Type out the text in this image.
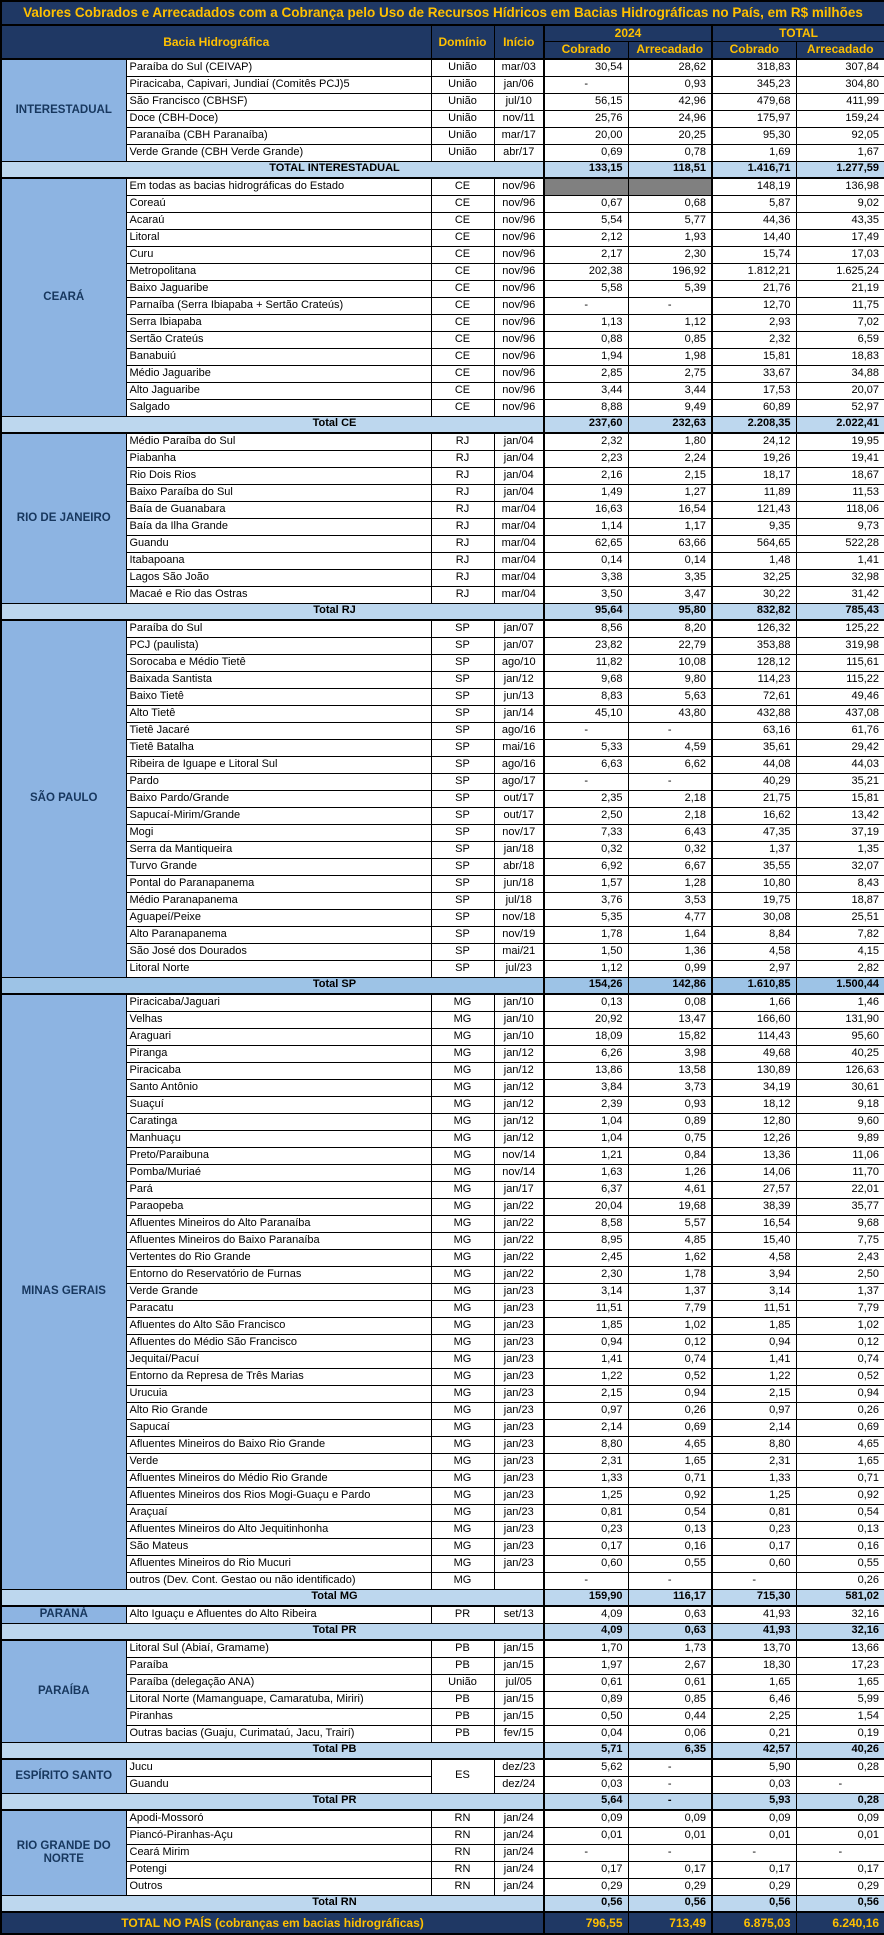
Valores Cobrados e Arrecadados com a Cobrança pelo Uso de Recursos Hídricos em Bacias Hidrográficas no País, em R$ milhões							
Bacia Hidrográfica		Domínio	Início	2024		TOTAL	
				Cobrado	Arrecadado	Cobrado	Arrecadado
INTERESTADUAL	Paraíba do Sul (CEIVAP)	União	mar/03	30,54	28,62	318,83	307,84
	Piracicaba, Capivari, Jundiaí (Comitês PCJ)5	União	jan/06	-	0,93	345,23	304,80
	São Francisco (CBHSF)	União	jul/10	56,15	42,96	479,68	411,99
	Doce (CBH-Doce)	União	nov/11	25,76	24,96	175,97	159,24
	Paranaíba (CBH Paranaíba)	União	mar/17	20,00	20,25	95,30	92,05
	Verde Grande (CBH Verde Grande)	União	abr/17	0,69	0,78	1,69	1,67
	TOTAL INTERESTADUAL			133,15	118,51	1.416,71	1.277,59
CEARÁ	Em todas as bacias hidrográficas do Estado	CE	nov/96			148,19	136,98
	Coreaú	CE	nov/96	0,67	0,68	5,87	9,02
	Acaraú	CE	nov/96	5,54	5,77	44,36	43,35
	Litoral	CE	nov/96	2,12	1,93	14,40	17,49
	Curu	CE	nov/96	2,17	2,30	15,74	17,03
	Metropolitana	CE	nov/96	202,38	196,92	1.812,21	1.625,24
	Baixo Jaguaribe	CE	nov/96	5,58	5,39	21,76	21,19
	Parnaíba (Serra Ibiapaba + Sertão Crateús)	CE	nov/96	-	-	12,70	11,75
	Serra Ibiapaba	CE	nov/96	1,13	1,12	2,93	7,02
	Sertão Crateús	CE	nov/96	0,88	0,85	2,32	6,59
	Banabuiú	CE	nov/96	1,94	1,98	15,81	18,83
	Médio Jaguaribe	CE	nov/96	2,85	2,75	33,67	34,88
	Alto Jaguaribe	CE	nov/96	3,44	3,44	17,53	20,07
	Salgado	CE	nov/96	8,88	9,49	60,89	52,97
	Total CE			237,60	232,63	2.208,35	2.022,41
RIO DE JANEIRO	Médio Paraíba do Sul	RJ	jan/04	2,32	1,80	24,12	19,95
	Piabanha	RJ	jan/04	2,23	2,24	19,26	19,41
	Rio Dois Rios	RJ	jan/04	2,16	2,15	18,17	18,67
	Baixo Paraíba do Sul	RJ	jan/04	1,49	1,27	11,89	11,53
	Baía de Guanabara	RJ	mar/04	16,63	16,54	121,43	118,06
	Baía da Ilha Grande	RJ	mar/04	1,14	1,17	9,35	9,73
	Guandu	RJ	mar/04	62,65	63,66	564,65	522,28
	Itabapoana	RJ	mar/04	0,14	0,14	1,48	1,41
	Lagos São João	RJ	mar/04	3,38	3,35	32,25	32,98
	Macaé e Rio das Ostras	RJ	mar/04	3,50	3,47	30,22	31,42
	Total RJ			95,64	95,80	832,82	785,43
SÃO PAULO	Paraíba do Sul	SP	jan/07	8,56	8,20	126,32	125,22
	PCJ (paulista)	SP	jan/07	23,82	22,79	353,88	319,98
	Sorocaba e Médio Tietê	SP	ago/10	11,82	10,08	128,12	115,61
	Baixada Santista	SP	jan/12	9,68	9,80	114,23	115,22
	Baixo Tietê	SP	jun/13	8,83	5,63	72,61	49,46
	Alto Tietê	SP	jan/14	45,10	43,80	432,88	437,08
	Tietê Jacaré	SP	ago/16	-	-	63,16	61,76
	Tietê Batalha	SP	mai/16	5,33	4,59	35,61	29,42
	Ribeira de Iguape e Litoral Sul	SP	ago/16	6,63	6,62	44,08	44,03
	Pardo	SP	ago/17	-	-	40,29	35,21
	Baixo Pardo/Grande	SP	out/17	2,35	2,18	21,75	15,81
	Sapucaí-Mirim/Grande	SP	out/17	2,50	2,18	16,62	13,42
	Mogi	SP	nov/17	7,33	6,43	47,35	37,19
	Serra da Mantiqueira	SP	jan/18	0,32	0,32	1,37	1,35
	Turvo Grande	SP	abr/18	6,92	6,67	35,55	32,07
	Pontal do Paranapanema	SP	jun/18	1,57	1,28	10,80	8,43
	Médio Paranapanema	SP	jul/18	3,76	3,53	19,75	18,87
	Aguapeí/Peixe	SP	nov/18	5,35	4,77	30,08	25,51
	Alto Paranapanema	SP	nov/19	1,78	1,64	8,84	7,82
	São José dos Dourados	SP	mai/21	1,50	1,36	4,58	4,15
	Litoral Norte	SP	jul/23	1,12	0,99	2,97	2,82
	Total SP			154,26	142,86	1.610,85	1.500,44
MINAS GERAIS	Piracicaba/Jaguari	MG	jan/10	0,13	0,08	1,66	1,46
	Velhas	MG	jan/10	20,92	13,47	166,60	131,90
	Araguari	MG	jan/10	18,09	15,82	114,43	95,60
	Piranga	MG	jan/12	6,26	3,98	49,68	40,25
	Piracicaba	MG	jan/12	13,86	13,58	130,89	126,63
	Santo Antônio	MG	jan/12	3,84	3,73	34,19	30,61
	Suaçuí	MG	jan/12	2,39	0,93	18,12	9,18
	Caratinga	MG	jan/12	1,04	0,89	12,80	9,60
	Manhuaçu	MG	jan/12	1,04	0,75	12,26	9,89
	Preto/Paraibuna	MG	nov/14	1,21	0,84	13,36	11,06
	Pomba/Muriaé	MG	nov/14	1,63	1,26	14,06	11,70
	Pará	MG	jan/17	6,37	4,61	27,57	22,01
	Paraopeba	MG	jan/22	20,04	19,68	38,39	35,77
	Afluentes Mineiros do Alto Paranaíba	MG	jan/22	8,58	5,57	16,54	9,68
	Afluentes Mineiros do Baixo Paranaíba	MG	jan/22	8,95	4,85	15,40	7,75
	Vertentes do Rio Grande	MG	jan/22	2,45	1,62	4,58	2,43
	Entorno do Reservatório de Furnas	MG	jan/22	2,30	1,78	3,94	2,50
	Verde Grande	MG	jan/23	3,14	1,37	3,14	1,37
	Paracatu	MG	jan/23	11,51	7,79	11,51	7,79
	Afluentes do Alto São Francisco	MG	jan/23	1,85	1,02	1,85	1,02
	Afluentes do Médio São Francisco	MG	jan/23	0,94	0,12	0,94	0,12
	Jequitaí/Pacuí	MG	jan/23	1,41	0,74	1,41	0,74
	Entorno da Represa de Três Marias	MG	jan/23	1,22	0,52	1,22	0,52
	Urucuia	MG	jan/23	2,15	0,94	2,15	0,94
	Alto Rio Grande	MG	jan/23	0,97	0,26	0,97	0,26
	Sapucaí	MG	jan/23	2,14	0,69	2,14	0,69
	Afluentes Mineiros do Baixo Rio Grande	MG	jan/23	8,80	4,65	8,80	4,65
	Verde	MG	jan/23	2,31	1,65	2,31	1,65
	Afluentes Mineiros do Médio Rio Grande	MG	jan/23	1,33	0,71	1,33	0,71
	Afluentes Mineiros dos Rios Mogi-Guaçu e Pardo	MG	jan/23	1,25	0,92	1,25	0,92
	Araçuaí	MG	jan/23	0,81	0,54	0,81	0,54
	Afluentes Mineiros do Alto Jequitinhonha	MG	jan/23	0,23	0,13	0,23	0,13
	São Mateus	MG	jan/23	0,17	0,16	0,17	0,16
	Afluentes Mineiros do Rio Mucuri	MG	jan/23	0,60	0,55	0,60	0,55
	outros (Dev. Cont. Gestao ou não identificado)	MG		-	-	-	0,26
	Total MG			159,90	116,17	715,30	581,02
PARANÁ	Alto Iguaçu e Afluentes do Alto Ribeira	PR	set/13	4,09	0,63	41,93	32,16
	Total PR			4,09	0,63	41,93	32,16
PARAÍBA	Litoral Sul (Abiaí, Gramame)	PB	jan/15	1,70	1,73	13,70	13,66
	Paraíba	PB	jan/15	1,97	2,67	18,30	17,23
	Paraíba (delegação ANA)	União	jul/05	0,61	0,61	1,65	1,65
	Litoral Norte (Mamanguape, Camaratuba, Miriri)	PB	jan/15	0,89	0,85	6,46	5,99
	Piranhas	PB	jan/15	0,50	0,44	2,25	1,54
	Outras bacias (Guaju, Curimataú, Jacu, Trairí)	PB	fev/15	0,04	0,06	0,21	0,19
	Total PB			5,71	6,35	42,57	40,26
ESPÍRITO SANTO	Jucu	ES	dez/23	5,62	-	5,90	0,28
	Guandu		dez/24	0,03	-	0,03	-
	Total PR			5,64	-	5,93	0,28
RIO GRANDE DO NORTE	Apodi-Mossoró	RN	jan/24	0,09	0,09	0,09	0,09
	Piancó-Piranhas-Açu	RN	jan/24	0,01	0,01	0,01	0,01
	Ceará Mirim	RN	jan/24	-	-	-	-
	Potengi	RN	jan/24	0,17	0,17	0,17	0,17
	Outros	RN	jan/24	0,29	0,29	0,29	0,29
	Total RN			0,56	0,56	0,56	0,56
TOTAL NO PAÍS (cobranças em bacias hidrográficas)				796,55	713,49	6.875,03	6.240,16
